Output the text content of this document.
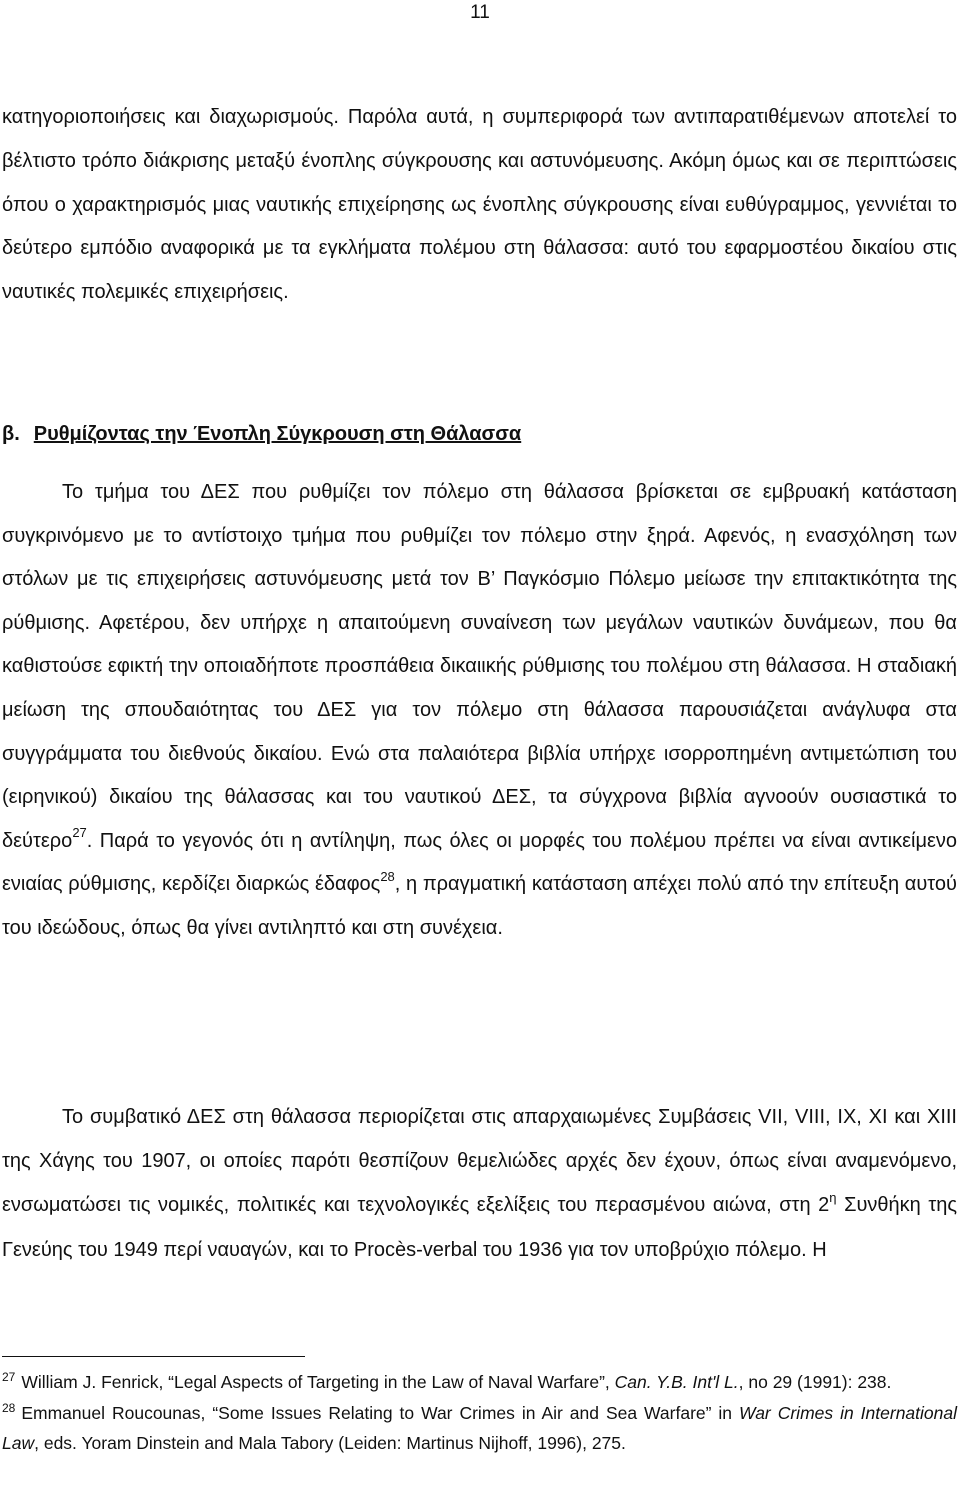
11
κατηγοριοποιήσεις και διαχωρισμούς. Παρόλα αυτά, η συμπεριφορά των αντιπαρατιθέμενων αποτελεί το βέλτιστο τρόπο διάκρισης μεταξύ ένοπλης σύγκρουσης και αστυνόμευσης. Ακόμη όμως και σε περιπτώσεις όπου ο χαρακτηρισμός μιας ναυτικής επιχείρησης ως ένοπλης σύγκρουσης είναι ευθύγραμμος, γεννιέται το δεύτερο εμπόδιο αναφορικά με τα εγκλήματα πολέμου στη θάλασσα: αυτό του εφαρμοστέου δικαίου στις ναυτικές πολεμικές επιχειρήσεις.
β. Ρυθμίζοντας την Ένοπλη Σύγκρουση στη Θάλασσα
Το τμήμα του ΔΕΣ που ρυθμίζει τον πόλεμο στη θάλασσα βρίσκεται σε εμβρυακή κατάσταση συγκρινόμενο με το αντίστοιχο τμήμα που ρυθμίζει τον πόλεμο στην ξηρά. Αφενός, η ενασχόληση των στόλων με τις επιχειρήσεις αστυνόμευσης μετά τον Β’ Παγκόσμιο Πόλεμο μείωσε την επιτακτικότητα της ρύθμισης. Αφετέρου, δεν υπήρχε η απαιτούμενη συναίνεση των μεγάλων ναυτικών δυνάμεων, που θα καθιστούσε εφικτή την οποιαδήποτε προσπάθεια δικαιικής ρύθμισης του πολέμου στη θάλασσα. Η σταδιακή μείωση της σπουδαιότητας του ΔΕΣ για τον πόλεμο στη θάλασσα παρουσιάζεται ανάγλυφα στα συγγράμματα του διεθνούς δικαίου. Ενώ στα παλαιότερα βιβλία υπήρχε ισορροπημένη αντιμετώπιση του (ειρηνικού) δικαίου της θάλασσας και του ναυτικού ΔΕΣ, τα σύγχρονα βιβλία αγνοούν ουσιαστικά το δεύτερο$^{27}$. Παρά το γεγονός ότι η αντίληψη, πως όλες οι μορφές του πολέμου πρέπει να είναι αντικείμενο ενιαίας ρύθμισης, κερδίζει διαρκώς έδαφος$^{28}$, η πραγματική κατάσταση απέχει πολύ από την επίτευξη αυτού του ιδεώδους, όπως θα γίνει αντιληπτό και στη συνέχεια.
Το συμβατικό ΔΕΣ στη θάλασσα περιορίζεται στις απαρχαιωμένες Συμβάσεις VII, VIII, IX, XI και XIII της Χάγης του 1907, οι οποίες παρότι θεσπίζουν θεμελιώδες αρχές δεν έχουν, όπως είναι αναμενόμενο, ενσωματώσει τις νομικές, πολιτικές και τεχνολογικές εξελίξεις του περασμένου αιώνα, στη $2^\eta$ Συνθήκη της Γενεύης του 1949 περί ναυαγών, και το Procès-verbal του 1936 για τον υποβρύχιο πόλεμο. Η

$^{27}$ William J. Fenrick, “Legal Aspects of Targeting in the Law of Naval Warfare”, Can. Y.B. Int'l L., no 29 (1991): 238.

$^{28}$ Emmanuel Roucounas, “Some Issues Relating to War Crimes in Air and Sea Warfare” in War Crimes in International Law, eds. Yoram Dinstein and Mala Tabory (Leiden: Martinus Nijhoff, 1996), 275.
